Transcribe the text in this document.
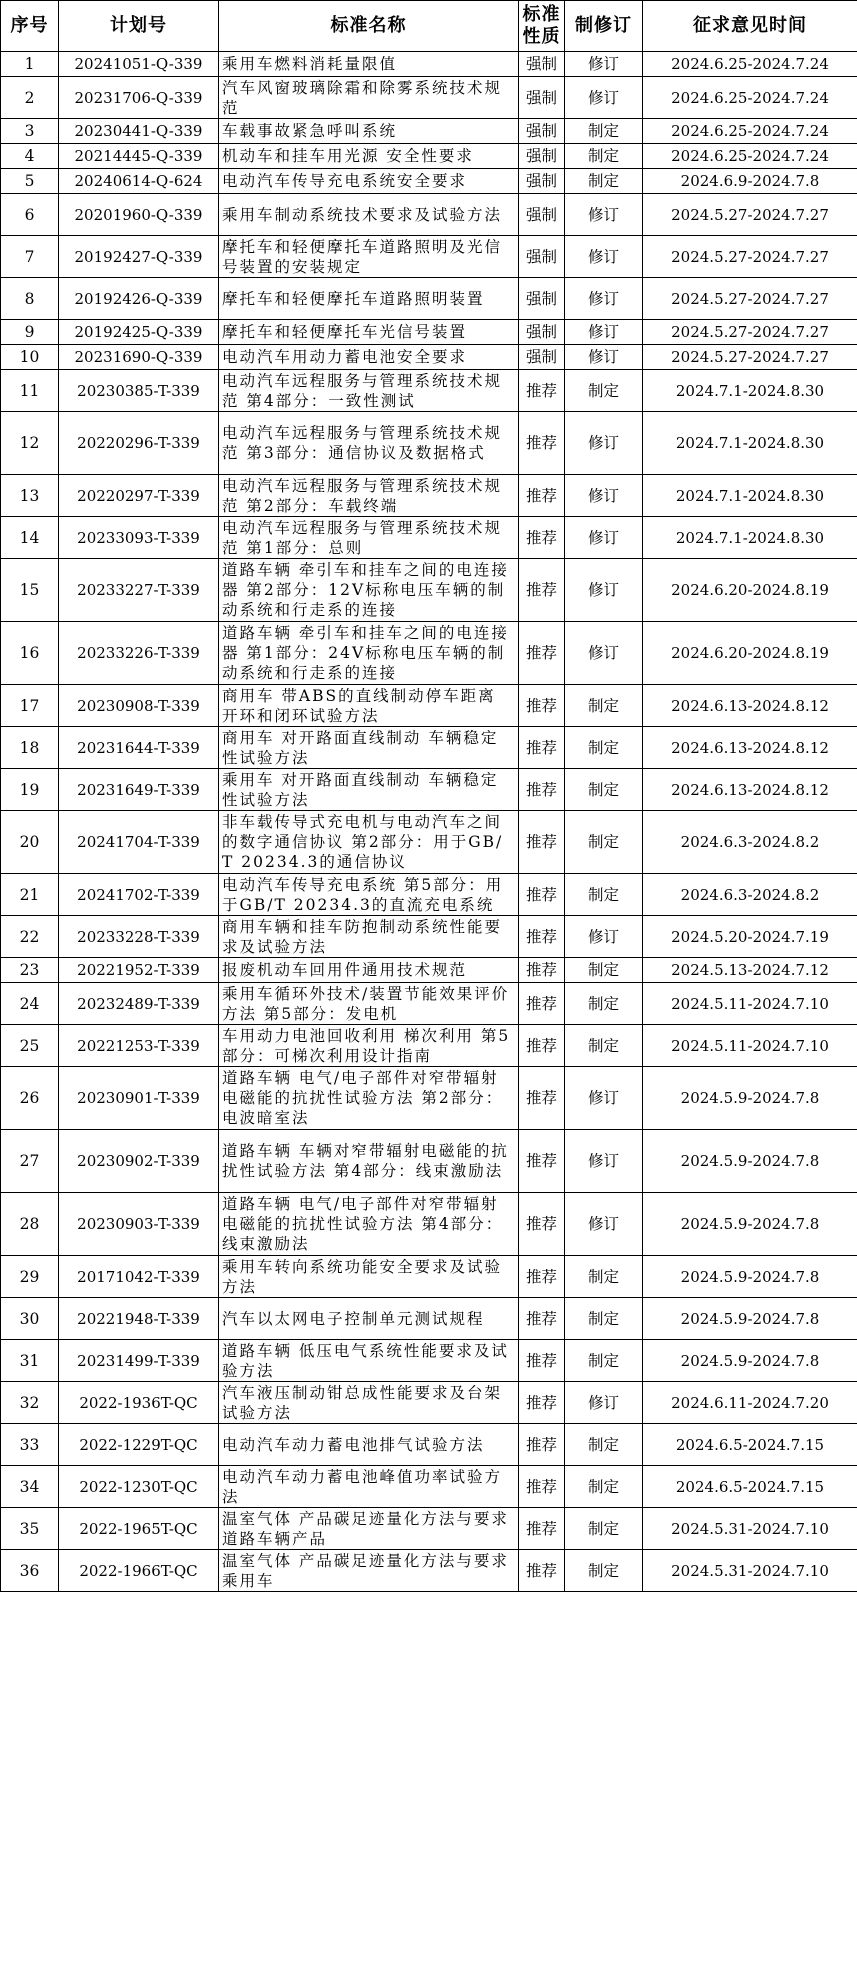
序号	计划号	标准名称	标准性质	制修订	征求意见时间
1	20241051-Q-339	乘用车燃料消耗量限值	强制	修订	2024.6.25-2024.7.24
2	20231706-Q-339	汽车风窗玻璃除霜和除雾系统技术规范	强制	修订	2024.6.25-2024.7.24
3	20230441-Q-339	车载事故紧急呼叫系统	强制	制定	2024.6.25-2024.7.24
4	20214445-Q-339	机动车和挂车用光源 安全性要求	强制	制定	2024.6.25-2024.7.24
5	20240614-Q-624	电动汽车传导充电系统安全要求	强制	制定	2024.6.9-2024.7.8
6	20201960-Q-339	乘用车制动系统技术要求及试验方法	强制	修订	2024.5.27-2024.7.27
7	20192427-Q-339	摩托车和轻便摩托车道路照明及光信号装置的安装规定	强制	修订	2024.5.27-2024.7.27
8	20192426-Q-339	摩托车和轻便摩托车道路照明装置	强制	修订	2024.5.27-2024.7.27
9	20192425-Q-339	摩托车和轻便摩托车光信号装置	强制	修订	2024.5.27-2024.7.27
10	20231690-Q-339	电动汽车用动力蓄电池安全要求	强制	修订	2024.5.27-2024.7.27
11	20230385-T-339	电动汽车远程服务与管理系统技术规范 第4部分：一致性测试	推荐	制定	2024.7.1-2024.8.30
12	20220296-T-339	电动汽车远程服务与管理系统技术规范 第3部分：通信协议及数据格式	推荐	修订	2024.7.1-2024.8.30
13	20220297-T-339	电动汽车远程服务与管理系统技术规范 第2部分：车载终端	推荐	修订	2024.7.1-2024.8.30
14	20233093-T-339	电动汽车远程服务与管理系统技术规范 第1部分：总则	推荐	修订	2024.7.1-2024.8.30
15	20233227-T-339	道路车辆 牵引车和挂车之间的电连接器 第2部分：12V标称电压车辆的制动系统和行走系的连接	推荐	修订	2024.6.20-2024.8.19
16	20233226-T-339	道路车辆 牵引车和挂车之间的电连接器 第1部分：24V标称电压车辆的制动系统和行走系的连接	推荐	修订	2024.6.20-2024.8.19
17	20230908-T-339	商用车 带ABS的直线制动停车距离 开环和闭环试验方法	推荐	制定	2024.6.13-2024.8.12
18	20231644-T-339	商用车 对开路面直线制动 车辆稳定性试验方法	推荐	制定	2024.6.13-2024.8.12
19	20231649-T-339	乘用车 对开路面直线制动 车辆稳定性试验方法	推荐	制定	2024.6.13-2024.8.12
20	20241704-T-339	非车载传导式充电机与电动汽车之间的数字通信协议 第2部分：用于GB/T 20234.3的通信协议	推荐	制定	2024.6.3-2024.8.2
21	20241702-T-339	电动汽车传导充电系统 第5部分：用于GB/T 20234.3的直流充电系统	推荐	制定	2024.6.3-2024.8.2
22	20233228-T-339	商用车辆和挂车防抱制动系统性能要求及试验方法	推荐	修订	2024.5.20-2024.7.19
23	20221952-T-339	报废机动车回用件通用技术规范	推荐	制定	2024.5.13-2024.7.12
24	20232489-T-339	乘用车循环外技术/装置节能效果评价方法 第5部分：发电机	推荐	制定	2024.5.11-2024.7.10
25	20221253-T-339	车用动力电池回收利用 梯次利用 第5部分：可梯次利用设计指南	推荐	制定	2024.5.11-2024.7.10
26	20230901-T-339	道路车辆 电气/电子部件对窄带辐射电磁能的抗扰性试验方法 第2部分：电波暗室法	推荐	修订	2024.5.9-2024.7.8
27	20230902-T-339	道路车辆 车辆对窄带辐射电磁能的抗扰性试验方法 第4部分：线束激励法	推荐	修订	2024.5.9-2024.7.8
28	20230903-T-339	道路车辆 电气/电子部件对窄带辐射电磁能的抗扰性试验方法 第4部分：线束激励法	推荐	修订	2024.5.9-2024.7.8
29	20171042-T-339	乘用车转向系统功能安全要求及试验方法	推荐	制定	2024.5.9-2024.7.8
30	20221948-T-339	汽车以太网电子控制单元测试规程	推荐	制定	2024.5.9-2024.7.8
31	20231499-T-339	道路车辆 低压电气系统性能要求及试验方法	推荐	制定	2024.5.9-2024.7.8
32	2022-1936T-QC	汽车液压制动钳总成性能要求及台架试验方法	推荐	修订	2024.6.11-2024.7.20
33	2022-1229T-QC	电动汽车动力蓄电池排气试验方法	推荐	制定	2024.6.5-2024.7.15
34	2022-1230T-QC	电动汽车动力蓄电池峰值功率试验方法	推荐	制定	2024.6.5-2024.7.15
35	2022-1965T-QC	温室气体 产品碳足迹量化方法与要求 道路车辆产品	推荐	制定	2024.5.31-2024.7.10
36	2022-1966T-QC	温室气体 产品碳足迹量化方法与要求 乘用车	推荐	制定	2024.5.31-2024.7.10
